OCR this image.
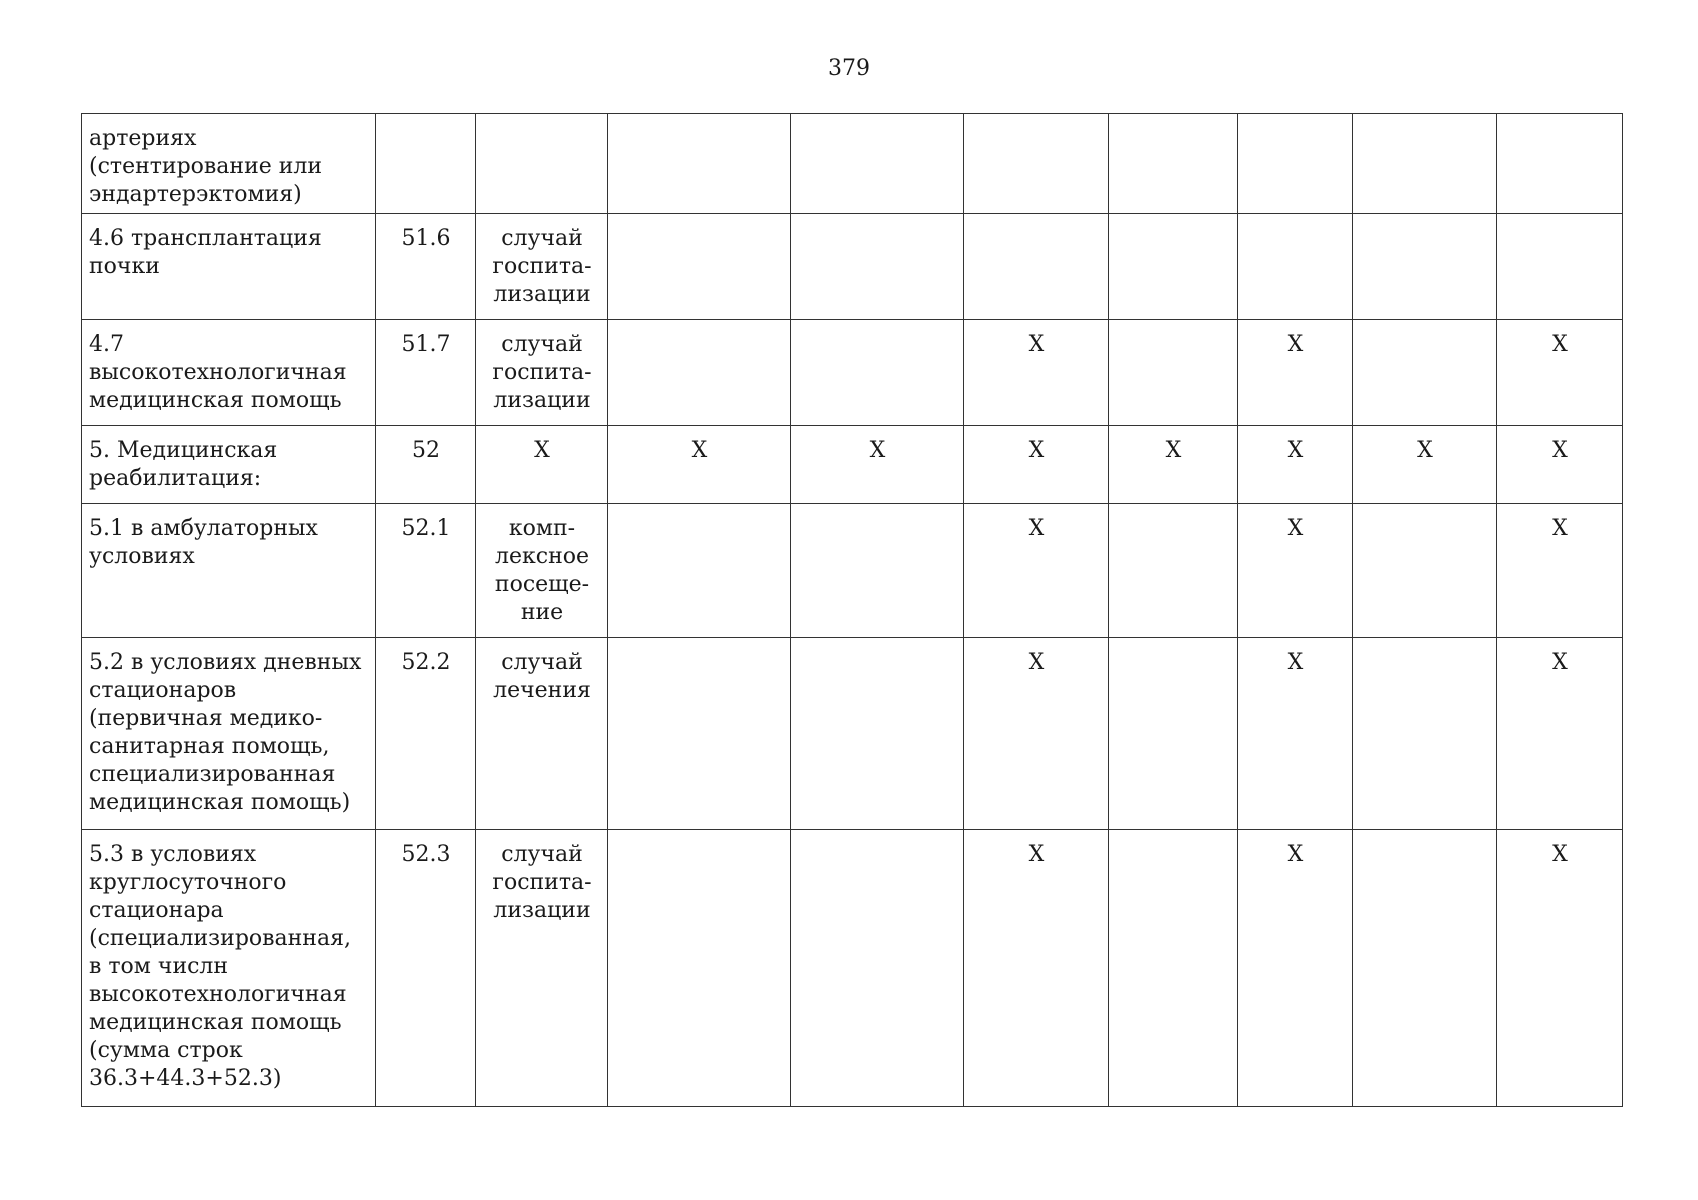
379
артериях (стентирование или эндартерэктомия)										
4.6 трансплантация почки	51.6	случай госпита-лизации								
4.7 высокотехнологичная медицинская помощь	51.7	случай госпита-лизации			X		X		X	
5. Медицинская реабилитация:	52	X	X	X	X	X	X	X	X	
5.1 в амбулаторных условиях	52.1	комп-лексное посеще-ние			X		X		X	
5.2 в условиях дневных стационаров (первичная медико-санитарная помощь, специализированная медицинская помощь)	52.2	случай лечения			X		X		X	
5.3 в условиях круглосуточного стационара (специализированная, в том числн высокотехнологичная медицинская помощь (сумма строк 36.3+44.3+52.3)	52.3	случай госпита-лизации			X		X		X	
